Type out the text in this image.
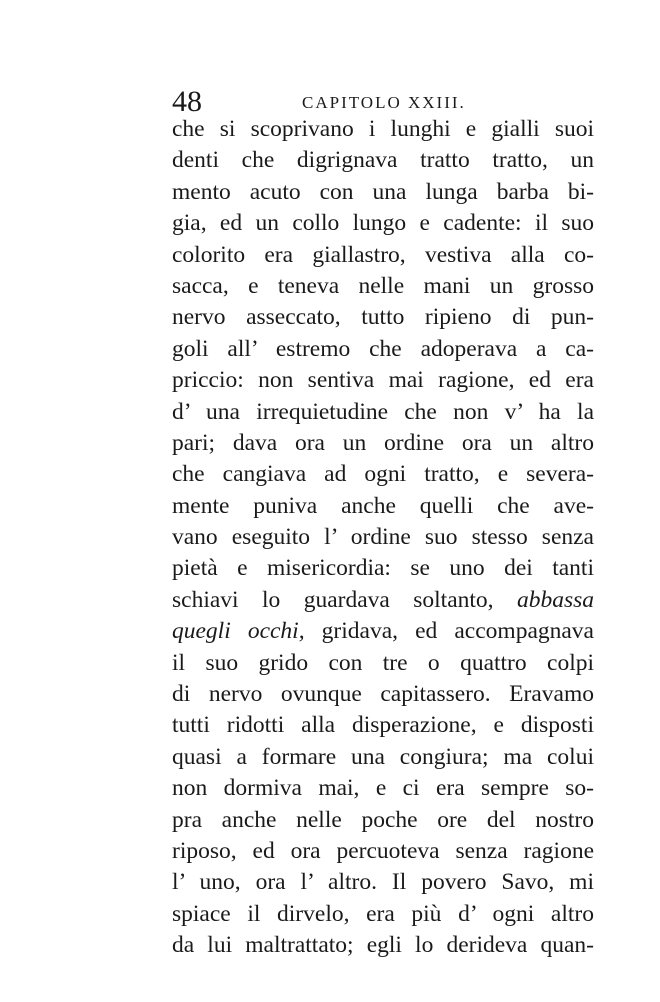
48	CAPITOLO XXIII.
che si scoprivano i lunghi e gialli suoi
denti che digrignava tratto tratto, un
mento acuto con una lunga barba bi-
gia, ed un collo lungo e cadente: il suo
colorito era giallastro, vestiva alla co-
sacca, e teneva nelle mani un grosso
nervo asseccato, tutto ripieno di pun-
goli all’ estremo che adoperava a ca-
priccio: non sentiva mai ragione, ed era
d’ una irrequietudine che non v’ ha la
pari; dava ora un ordine ora un altro
che cangiava ad ogni tratto, e severa-
mente puniva anche quelli che ave-
vano eseguito l’ ordine suo stesso senza
pietà e misericordia: se uno dei tanti
schiavi lo guardava soltanto, abbassa
quegli occhi, gridava, ed accompagnava
il suo grido con tre o quattro colpi
di nervo ovunque capitassero. Eravamo
tutti ridotti alla disperazione, e disposti
quasi a formare una congiura; ma colui
non dormiva mai, e ci era sempre so-
pra anche nelle poche ore del nostro
riposo, ed ora percuoteva senza ragione
l’ uno, ora l’ altro. Il povero Savo, mi
spiace il dirvelo, era più d’ ogni altro
da lui maltrattato; egli lo derideva quan-
